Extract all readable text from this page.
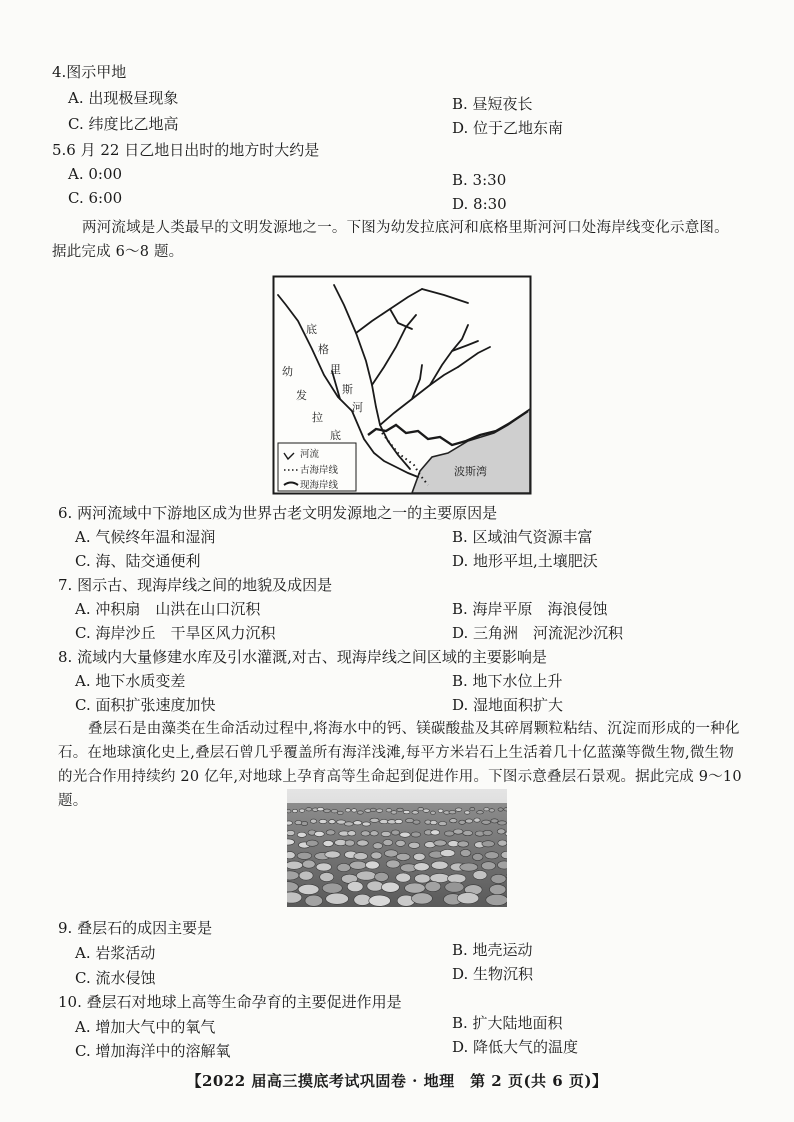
4.图示甲地
A. 出现极昼现象	B. 昼短夜长
C. 纬度比乙地高	D. 位于乙地东南
5.6 月 22 日乙地日出时的地方时大约是
A. 0:00	B. 3:30
C. 6:00	D. 8:30
两河流域是人类最早的文明发源地之一。下图为幼发拉底河和底格里斯河河口处海岸线变化示意图。据此完成 6～8 题。
底
格
里
斯
河
幼
发
拉
底
波斯湾
河流
古海岸线
现海岸线
6. 两河流域中下游地区成为世界古老文明发源地之一的主要原因是
A. 气候终年温和湿润	B. 区域油气资源丰富
C. 海、陆交通便利	D. 地形平坦,土壤肥沃
7. 图示古、现海岸线之间的地貌及成因是
A. 冲积扇　山洪在山口沉积	B. 海岸平原　海浪侵蚀
C. 海岸沙丘　干旱区风力沉积	D. 三角洲　河流泥沙沉积
8. 流域内大量修建水库及引水灌溉,对古、现海岸线之间区域的主要影响是
A. 地下水质变差	B. 地下水位上升
C. 面积扩张速度加快	D. 湿地面积扩大
叠层石是由藻类在生命活动过程中,将海水中的钙、镁碳酸盐及其碎屑颗粒粘结、沉淀而形成的一种化石。在地球演化史上,叠层石曾几乎覆盖所有海洋浅滩,每平方米岩石上生活着几十亿蓝藻等微生物,微生物的光合作用持续约 20 亿年,对地球上孕育高等生命起到促进作用。下图示意叠层石景观。据此完成 9～10 题。
9. 叠层石的成因主要是
A. 岩浆活动	B. 地壳运动
C. 流水侵蚀	D. 生物沉积
10. 叠层石对地球上高等生命孕育的主要促进作用是
A. 增加大气中的氧气	B. 扩大陆地面积
C. 增加海洋中的溶解氧	D. 降低大气的温度
【2022 届高三摸底考试巩固卷 · 地理　第 2 页(共 6 页)】
